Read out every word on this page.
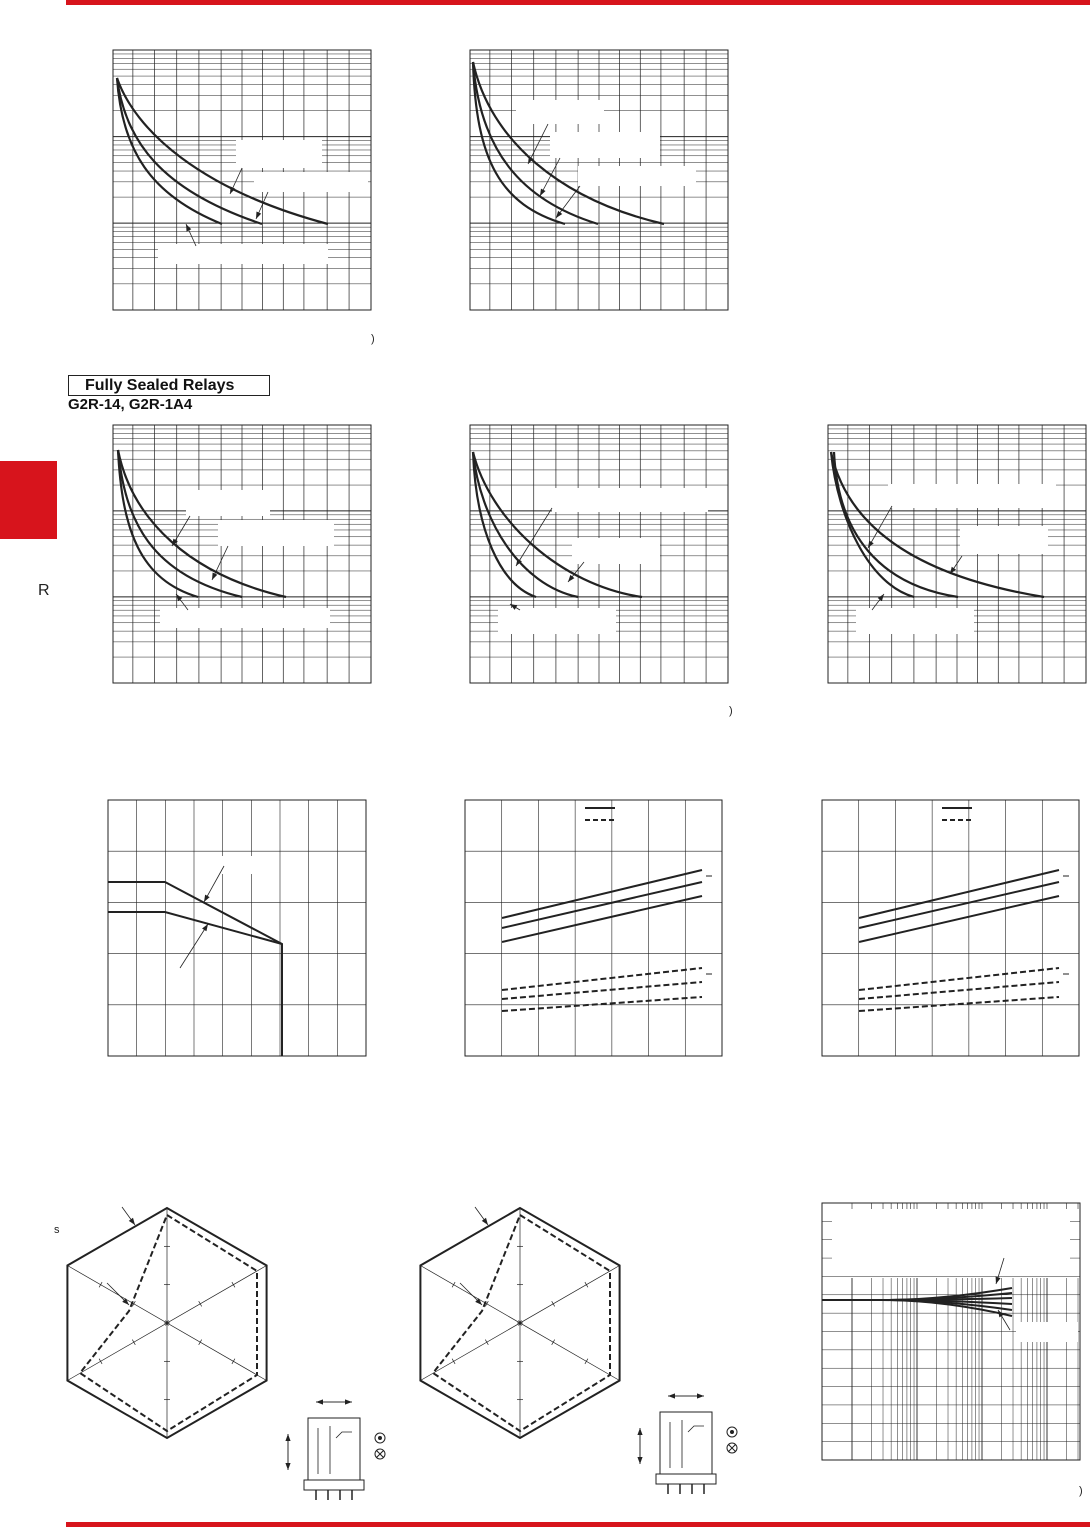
R
Fully Sealed Relays
G2R-14, G2R-1A4
)
)
)
s
